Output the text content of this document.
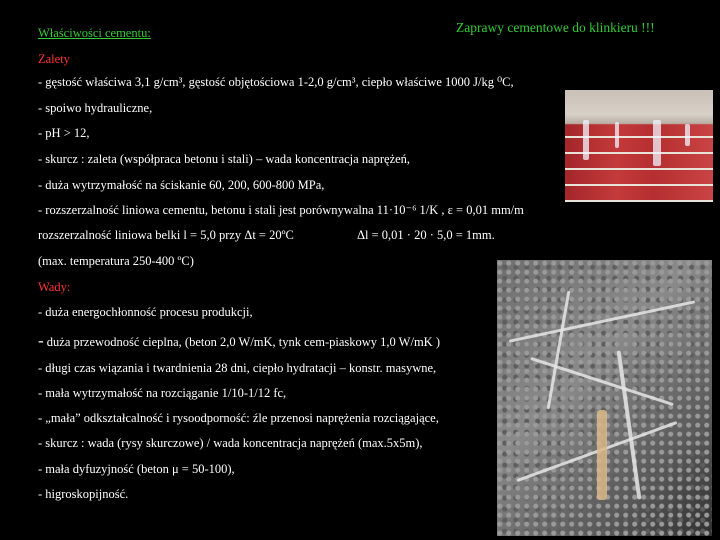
Właściwości cementu:	Zaprawy cementowe do klinkieru !!!
Zalety
- gęstość właściwa 3,1 g/cm³, gęstość objętościowa 1-2,0 g/cm³, ciepło właściwe 1000 J/kg ⁰C,
- spoiwo hydrauliczne,
- pH > 12,
- skurcz : zaleta (współpraca betonu i stali) – wada koncentracja naprężeń,
- duża wytrzymałość na ściskanie 60, 200, 600-800 MPa,
- rozszerzalność liniowa cementu, betonu i stali jest porównywalna 11·10⁻⁶ 1/K , ε = 0,01 mm/m
rozszerzalność liniowa belki l = 5,0 przy Δt = 20ºC	Δl = 0,01 · 20 · 5,0 = 1mm.
(max. temperatura 250-400 ºC)
Wady:
- duża energochłonność procesu produkcji,
- duża przewodność cieplna, (beton 2,0 W/mK, tynk cem-piaskowy 1,0 W/mK )
- długi czas wiązania i twardnienia 28 dni, ciepło hydratacji – konstr. masywne,
- mała wytrzymałość na rozciąganie 1/10-1/12 fc,
- „mała” odkształcalność i rysoodporność: źle przenosi naprężenia rozciągające,
- skurcz : wada (rysy skurczowe) / wada koncentracja naprężeń (max.5x5m),
- mała dyfuzyjność (beton μ = 50-100),
- higroskopijność.
